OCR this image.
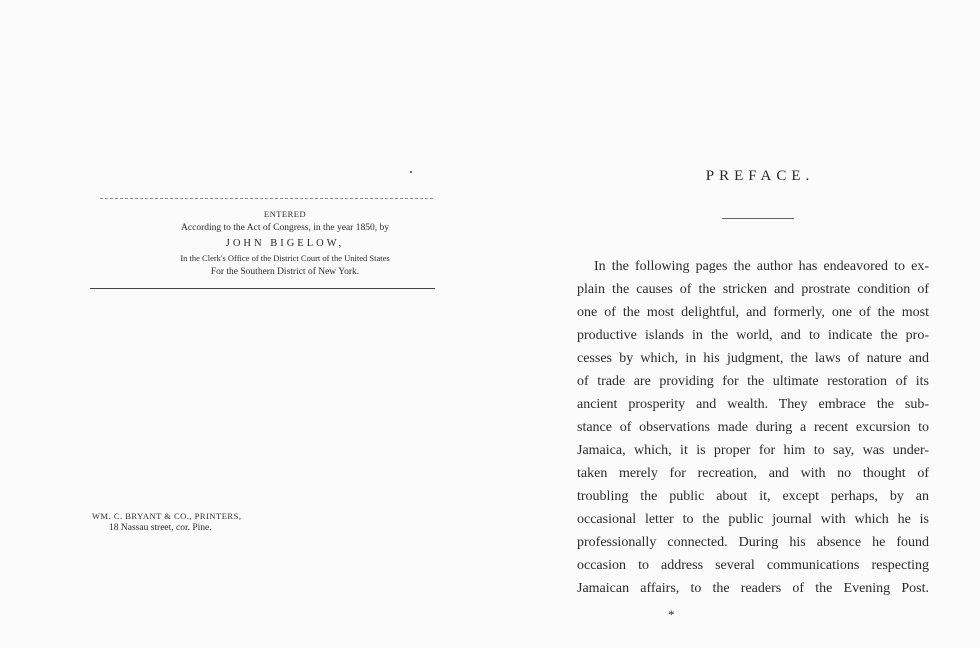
ENTERED
According to the Act of Congress, in the year 1850, by
JOHN BIGELOW,
In the Clerk's Office of the District Court of the United States
For the Southern District of New York.
WM. C. BRYANT & CO., PRINTERS,
18 Nassau street, cor. Pine.
PREFACE.
In the following pages the author has endeavored to ex-
plain the causes of the stricken and prostrate condition of
one of the most delightful, and formerly, one of the most
productive islands in the world, and to indicate the pro-
cesses by which, in his judgment, the laws of nature and
of trade are providing for the ultimate restoration of its
ancient prosperity and wealth. They embrace the sub-
stance of observations made during a recent excursion to
Jamaica, which, it is proper for him to say, was under-
taken merely for recreation, and with no thought of
troubling the public about it, except perhaps, by an
occasional letter to the public journal with which he is
professionally connected. During his absence he found
occasion to address several communications respecting
Jamaican affairs, to the readers of the Evening Post.
*
